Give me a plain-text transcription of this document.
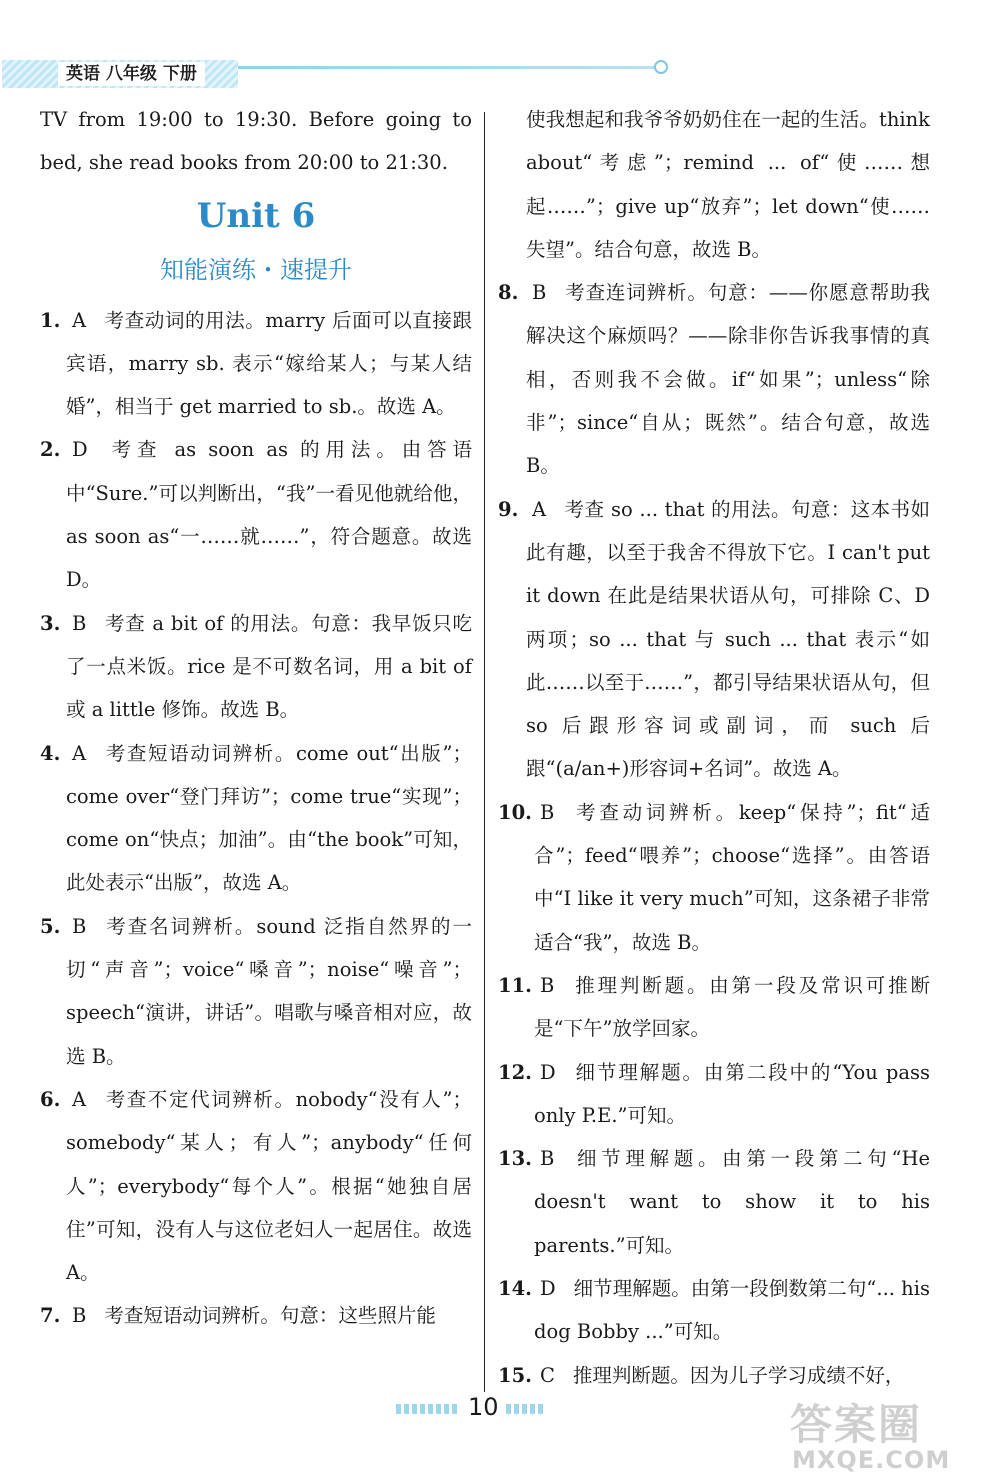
英语 八年级 下册

TV from 19:00 to 19:30. Before going to bed, she read books from 20:00 to 21:30.

Unit 6
知能演练・速提升

1. A 考查动词的用法。marry 后面可以直接跟宾语，marry sb. 表示“嫁给某人；与某人结婚”，相当于 get married to sb.。故选 A。

2. D 考查 as soon as 的用法。由答语中“Sure.”可以判断出，“我”一看见他就给他，as soon as“一……就……”，符合题意。故选 D。

3. B 考查 a bit of 的用法。句意：我早饭只吃了一点米饭。rice 是不可数名词，用 a bit of 或 a little 修饰。故选 B。

4. A 考查短语动词辨析。come out“出版”；come over“登门拜访”；come true“实现”；come on“快点；加油”。由“the book”可知，此处表示“出版”，故选 A。

5. B 考查名词辨析。sound 泛指自然界的一切“声音”；voice“嗓音”；noise“噪音”；speech“演讲，讲话”。唱歌与嗓音相对应，故选 B。

6. A 考查不定代词辨析。nobody“没有人”；somebody“某人；有人”；anybody“任何人”；everybody“每个人”。根据“她独自居住”可知，没有人与这位老妇人一起居住。故选 A。

7. B 考查短语动词辨析。句意：这些照片能

使我想起和我爷爷奶奶住在一起的生活。think about“考虑”；remind ... of“使……想起……”；give up“放弃”；let down“使……失望”。结合句意，故选 B。

8. B 考查连词辨析。句意：——你愿意帮助我解决这个麻烦吗？——除非你告诉我事情的真相，否则我不会做。if“如果”；unless“除非”；since“自从；既然”。结合句意，故选 B。

9. A 考查 so ... that 的用法。句意：这本书如此有趣，以至于我舍不得放下它。I can't put it down 在此是结果状语从句，可排除 C、D 两项；so ... that 与 such ... that 表示“如此……以至于……”，都引导结果状语从句，但 so 后跟形容词或副词，而 such 后跟“(a/an+)形容词+名词”。故选 A。

10. B 考查动词辨析。keep“保持”；fit“适合”；feed“喂养”；choose“选择”。由答语中“I like it very much”可知，这条裙子非常适合“我”，故选 B。

11. B 推理判断题。由第一段及常识可推断是“下午”放学回家。

12. D 细节理解题。由第二段中的“You pass only P.E.”可知。

13. B 细节理解题。由第一段第二句“He doesn't want to show it to his parents.”可知。

14. D 细节理解题。由第一段倒数第二句“... his dog Bobby ...”可知。

15. C 推理判断题。因为儿子学习成绩不好，

10	答案圈
MXQE.COM
